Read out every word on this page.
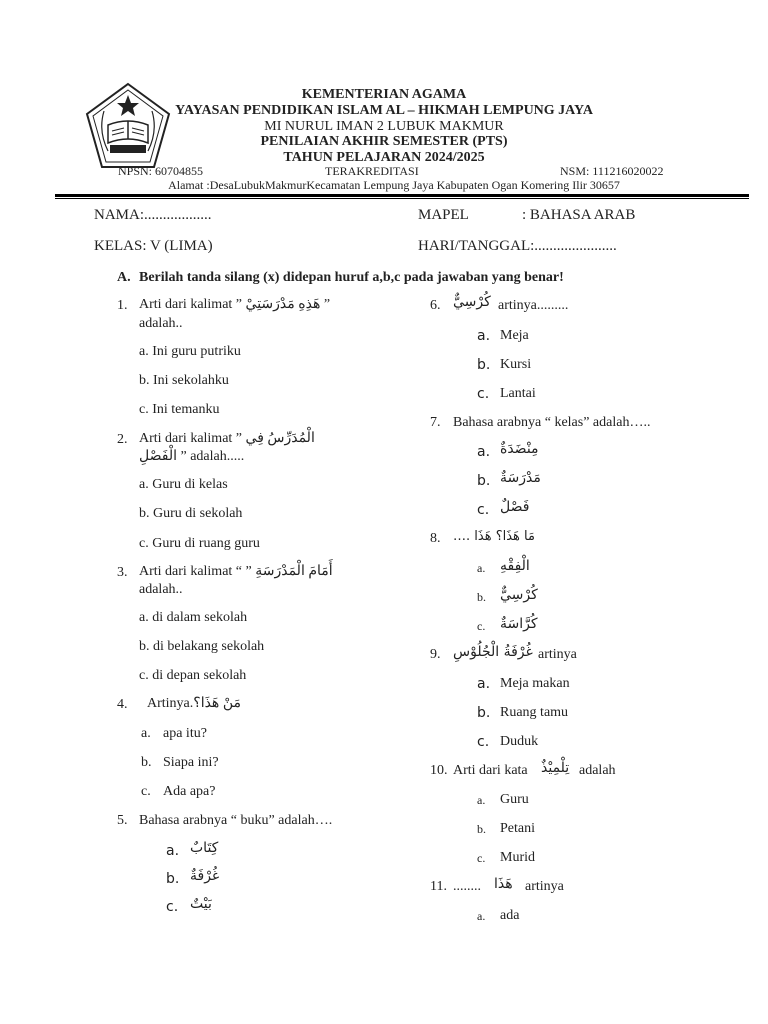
KEMENTERIAN AGAMA
YAYASAN PENDIDIKAN ISLAM AL – HIKMAH LEMPUNG JAYA
MI NURUL IMAN 2 LUBUK MAKMUR
PENILAIAN AKHIR SEMESTER (PTS)
TAHUN PELAJARAN 2024/2025
NPSN: 60704855	TERAKREDITASI	NSM: 111216020022
Alamat :DesaLubukMakmurKecamatan Lempung Jaya Kabupaten Ogan Komering Ilir 30657
NAMA:..................	MAPEL	: BAHASA ARAB
KELAS: V (LIMA)	HARI/TANGGAL:......................
A. Berilah tanda silang (x) didepan huruf a,b,c pada jawaban yang benar!
1. Arti dari kalimat ” هَذِهِ مَدْرَسَتِيْ ”
adalah..
a. Ini guru putriku
b. Ini sekolahku
c. Ini temanku
2. Arti dari kalimat ” الْمُدَرِّسُ فِي
الْفَصْلِ ” adalah.....
a. Guru di kelas
b. Guru di sekolah
c. Guru di ruang guru
3. Arti dari kalimat “ ” أَمَامَ الْمَدْرَسَةِ
adalah..
a. di dalam sekolah
b. di belakang sekolah
c. di depan sekolah
4. Artinya.مَنْ هَذَا؟
a. apa itu?
b. Siapa ini?
c. Ada apa?
5. Bahasa arabnya “ buku” adalah….
a. كِتَابٌ
b. غُرْفَةٌ
c. بَيْتٌ
6. كُرْسِيٌّ artinya.........
a. Meja
b. Kursi
c. Lantai
7. Bahasa arabnya “ kelas” adalah…..
a. مِنْضَدَةٌ
b. مَدْرَسَةٌ
c. فَصْلٌ
8. …. مَا هَذَا؟ هَذَا
a. الْفِقْهِ
b. كُرْسِيٌّ
c. كُرَّاسَةٌ
9. غُرْفَةُ الْجُلُوْسِ artinya
a. Meja makan
b. Ruang tamu
c. Duduk
10. Arti dari kata تِلْمِيْذٌ adalah
a. Guru
b. Petani
c. Murid
11. ........ هَذَا artinya
a. ada
